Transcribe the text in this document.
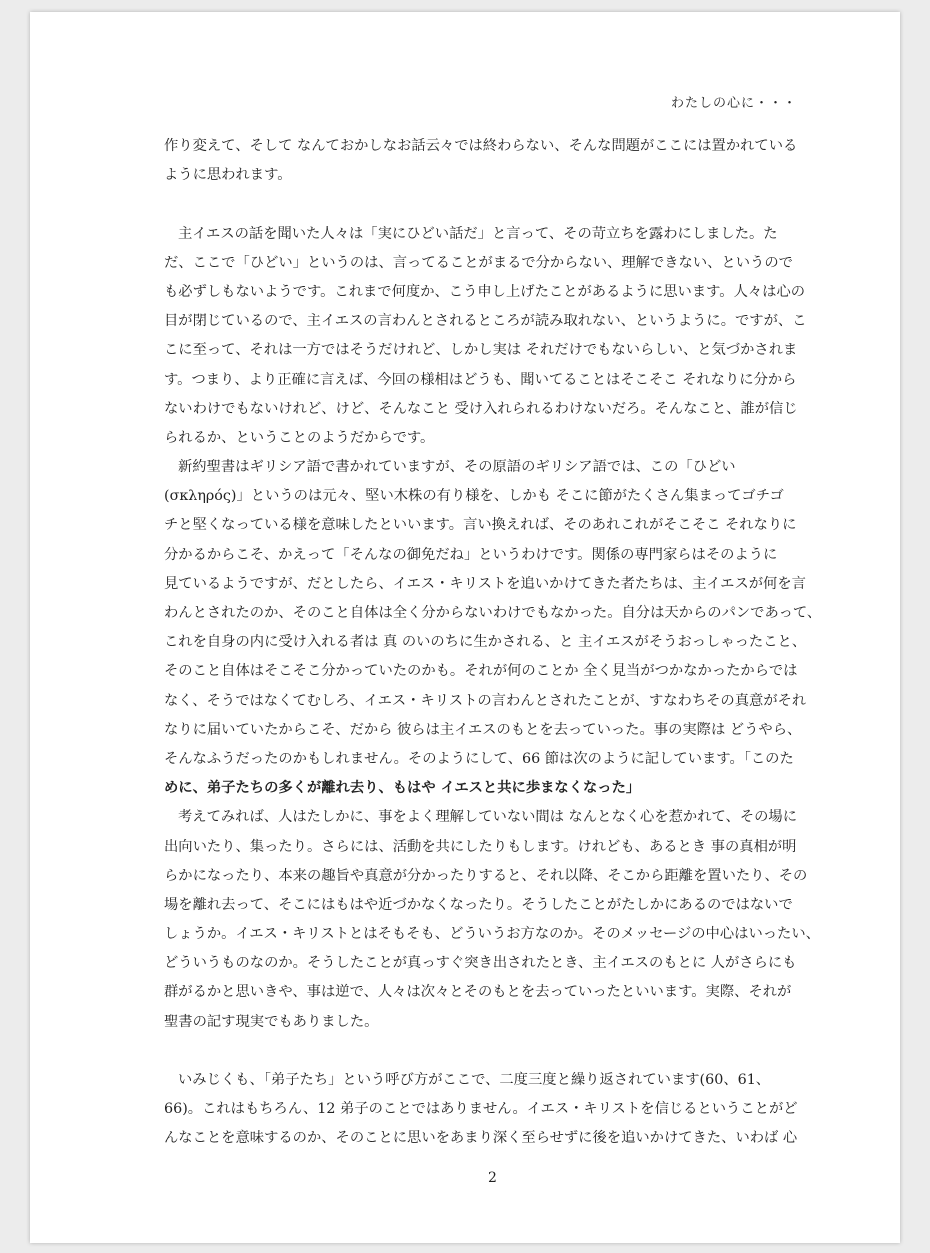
わたしの心に・・・
作り変えて、そして なんておかしなお話云々では終わらない、そんな問題がここには置かれている
ように思われます。
主イエスの話を聞いた人々は「実にひどい話だ」と言って、その苛立ちを露わにしました。た
だ、ここで「ひどい」というのは、言ってることがまるで分からない、理解できない、というので
も必ずしもないようです。これまで何度か、こう申し上げたことがあるように思います。人々は心の
目が閉じているので、主イエスの言わんとされるところが読み取れない、というように。ですが、こ
こに至って、それは一方ではそうだけれど、しかし実は それだけでもないらしい、と気づかされま
す。つまり、より正確に言えば、今回の様相はどうも、聞いてることはそこそこ それなりに分から
ないわけでもないけれど、けど、そんなこと 受け入れられるわけないだろ。そんなこと、誰が信じ
られるか、ということのようだからです。
新約聖書はギリシア語で書かれていますが、その原語のギリシア語では、この「ひどい
(σκληρός)」というのは元々、堅い木株の有り様を、しかも そこに節がたくさん集まってゴチゴ
チと堅くなっている様を意味したといいます。言い換えれば、そのあれこれがそこそこ それなりに
分かるからこそ、かえって「そんなの御免だね」というわけです。関係の専門家らはそのように
見ているようですが、だとしたら、イエス・キリストを追いかけてきた者たちは、主イエスが何を言
わんとされたのか、そのこと自体は全く分からないわけでもなかった。自分は天からのパンであって、
これを自身の内に受け入れる者は 真 のいのちに生かされる、と 主イエスがそうおっしゃったこと、
そのこと自体はそこそこ分かっていたのかも。それが何のことか 全く見当がつかなかったからでは
なく、そうではなくてむしろ、イエス・キリストの言わんとされたことが、すなわちその真意がそれ
なりに届いていたからこそ、だから 彼らは主イエスのもとを去っていった。事の実際は どうやら、
そんなふうだったのかもしれません。そのようにして、66 節は次のように記しています。「このた
めに、弟子たちの多くが離れ去り、もはや イエスと共に歩まなくなった」
考えてみれば、人はたしかに、事をよく理解していない間は なんとなく心を惹かれて、その場に
出向いたり、集ったり。さらには、活動を共にしたりもします。けれども、あるとき 事の真相が明
らかになったり、本来の趣旨や真意が分かったりすると、それ以降、そこから距離を置いたり、その
場を離れ去って、そこにはもはや近づかなくなったり。そうしたことがたしかにあるのではないで
しょうか。イエス・キリストとはそもそも、どういうお方なのか。そのメッセージの中心はいったい、
どういうものなのか。そうしたことが真っすぐ突き出されたとき、主イエスのもとに 人がさらにも
群がるかと思いきや、事は逆で、人々は次々とそのもとを去っていったといいます。実際、それが
聖書の記す現実でもありました。
いみじくも、「弟子たち」という呼び方がここで、二度三度と繰り返されています(60、61、
66)。これはもちろん、12 弟子のことではありません。イエス・キリストを信じるということがど
んなことを意味するのか、そのことに思いをあまり深く至らせずに後を追いかけてきた、いわば 心
2
